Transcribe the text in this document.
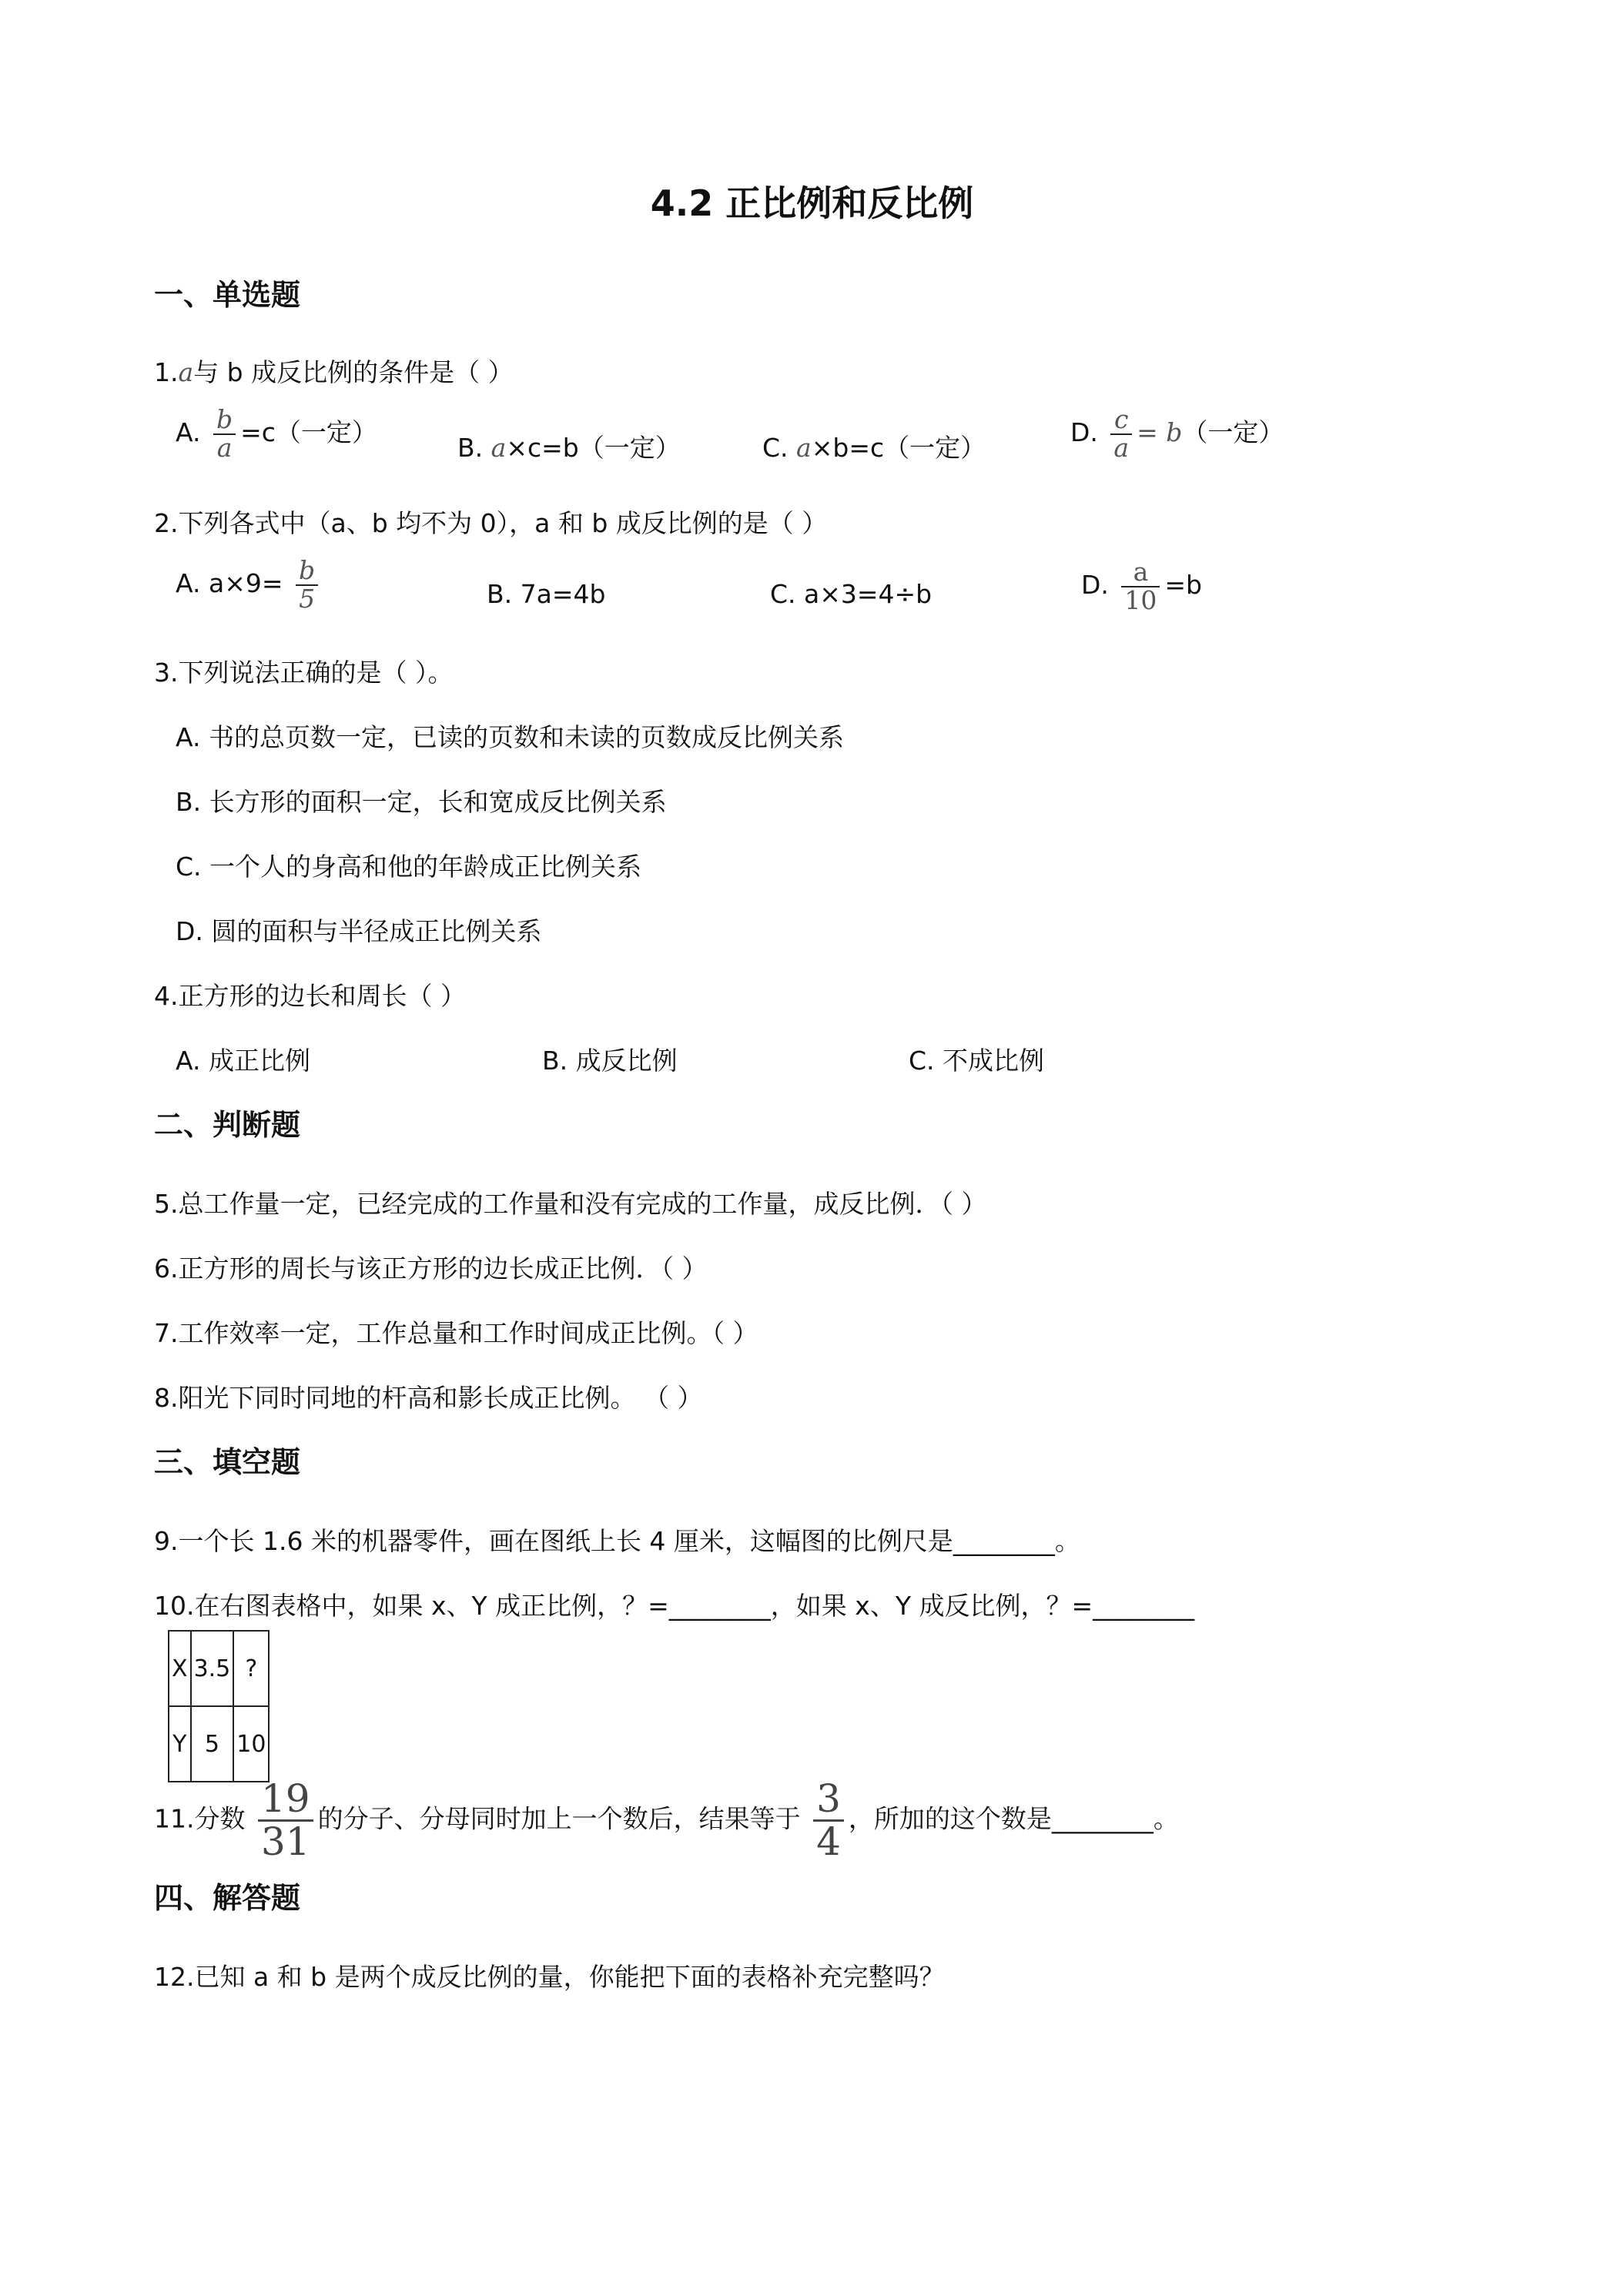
4.2 正比例和反比例
一、单选题
1.a与 b 成反比例的条件是（ ）
A. $\frac{b}{a} =c$（一定）
B. a×c=b（一定）	C. a×b=c（一定）
D. $\frac{c}{a} = b$（一定）
2.下列各式中（a、b 均不为 0），a 和 b 成反比例的是（ ）
A. $a\times 9= \frac{b}{5}$	B. 7a=4b	C. a×3=4÷b	D. $\frac{a}{10} =b$
3.下列说法正确的是（ ）。
A. 书的总页数一定，已读的页数和未读的页数成反比例关系
B. 长方形的面积一定，长和宽成反比例关系
C. 一个人的身高和他的年龄成正比例关系
D. 圆的面积与半径成正比例关系
4.正方形的边长和周长（ ）
A. 成正比例	B. 成反比例	C. 不成比例
二、判断题
5.总工作量一定，已经完成的工作量和没有完成的工作量，成反比例．（ ）
6.正方形的周长与该正方形的边长成正比例．（ ）
7.工作效率一定，工作总量和工作时间成正比例。（ ）
8.阳光下同时同地的杆高和影长成正比例。 （ ）
三、填空题
9.一个长 1.6 米的机器零件，画在图纸上长 4 厘米，这幅图的比例尺是________。
10.在右图表格中，如果 x、Y 成正比例，？=________，如果 x、Y 成反比例，？=________
X	3.5	?
Y	5	10
11.分数 $\frac{19}{31}$ 的分子、分母同时加上一个数后，结果等于 $\frac{3}{4}$ ，所加的这个数是________。
四、解答题
12.已知 a 和 b 是两个成反比例的量，你能把下面的表格补充完整吗？
